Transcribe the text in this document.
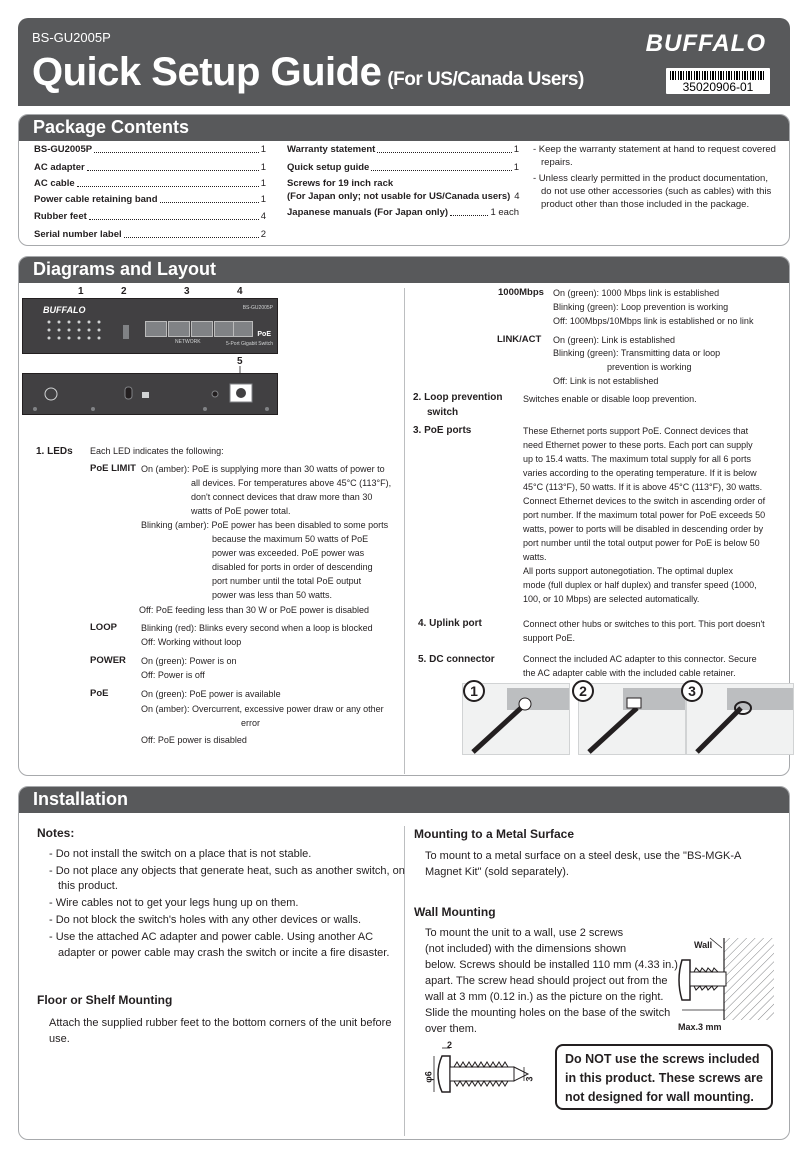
BS-GU2005P
Quick Setup Guide (For US/Canada Users)
BUFFALO
35020906-01
Package Contents
BS-GU2005P	1
AC adapter	1
AC cable	1
Power cable retaining band	1
Rubber feet	4
Serial number label	2
Warranty statement	1
Quick setup guide	1
Screws for 19 inch rack
(For Japan only; not usable for US/Canada users) 4
Japanese manuals (For Japan only)	1 each
- Keep the warranty statement at hand to request covered
repairs.
- Unless clearly permitted in the product documentation,
do not use other accessories (such as cables) with this
product other than those included in the package.
Diagrams and Layout
1	2	3	4
5
BUFFALO
NETWORK
BS-GU2005P
PoE
5-Port Gigabit Switch
1. LEDs Each LED indicates the following:
PoE LIMIT On (amber): PoE is supplying more than 30 watts of power to
all devices. For temperatures above 45°C (113°F),
don't connect devices that draw more than 30
watts of PoE power total.
Blinking (amber): PoE power has been disabled to some ports
because the maximum 50 watts of PoE
power was exceeded. PoE power was
disabled for ports in order of descending
port number until the total PoE output
power was less than 50 watts.
Off: PoE feeding less than 30 W or PoE power is disabled
LOOP	Blinking (red): Blinks every second when a loop is blocked
Off: Working without loop
POWER On (green): Power is on
Off: Power is off
PoE	On (green): PoE power is available
On (amber): Overcurrent, excessive power draw or any other
error
Off: PoE power is disabled
1000Mbps On (green): 1000 Mbps link is established
Blinking (green): Loop prevention is working
Off: 100Mbps/10Mbps link is established or no link
LINK/ACT On (green): Link is established
Blinking (green): Transmitting data or loop
prevention is working
Off: Link is not established
2. Loop prevention
switch
Switches enable or disable loop prevention.
3. PoE ports	These Ethernet ports support PoE. Connect devices that
need Ethernet power to these ports. Each port can supply
up to 15.4 watts. The maximum total supply for all 6 ports
varies according to the operating temperature. If it is below
45°C (113°F), 50 watts. If it is above 45°C (113°F), 30 watts.
Connect Ethernet devices to the switch in ascending order of
port number. If the maximum total power for PoE exceeds 50
watts, power to ports will be disabled in descending order by
port number until the total output power for PoE is below 50
watts.
All ports support autonegotiation. The optimal duplex
mode (full duplex or half duplex) and transfer speed (1000,
100, or 10 Mbps) are selected automatically.
4. Uplink port	Connect other hubs or switches to this port. This port doesn't
support PoE.
5. DC connector	Connect the included AC adapter to this connector. Secure
the AC adapter cable with the included cable retainer.
1	2	3
Installation
Notes:
- Do not install the switch on a place that is not stable.
- Do not place any objects that generate heat, such as another switch, on
this product.
- Wire cables not to get your legs hung up on them.
- Do not block the switch's holes with any other devices or walls.
- Use the attached AC adapter and power cable. Using another AC
adapter or power cable may crash the switch or incite a fire disaster.
Floor or Shelf Mounting
Attach the supplied rubber feet to the bottom corners of the unit before use.
Mounting to a Metal Surface
To mount to a metal surface on a steel desk, use the "BS-MGK-A Magnet Kit" (sold separately).
Wall Mounting
To mount the unit to a wall, use 2 screws
(not included) with the dimensions shown
below. Screws should be installed 110 mm (4.33 in.)
apart. The screw head should project out from the
wall at 3 mm (0.12 in.) as the picture on the right.
Slide the mounting holes on the base of the switch
over them.
Wall
Max.3 mm
2
φ6	3
Do NOT use the screws included
in this product. These screws are
not designed for wall mounting.
